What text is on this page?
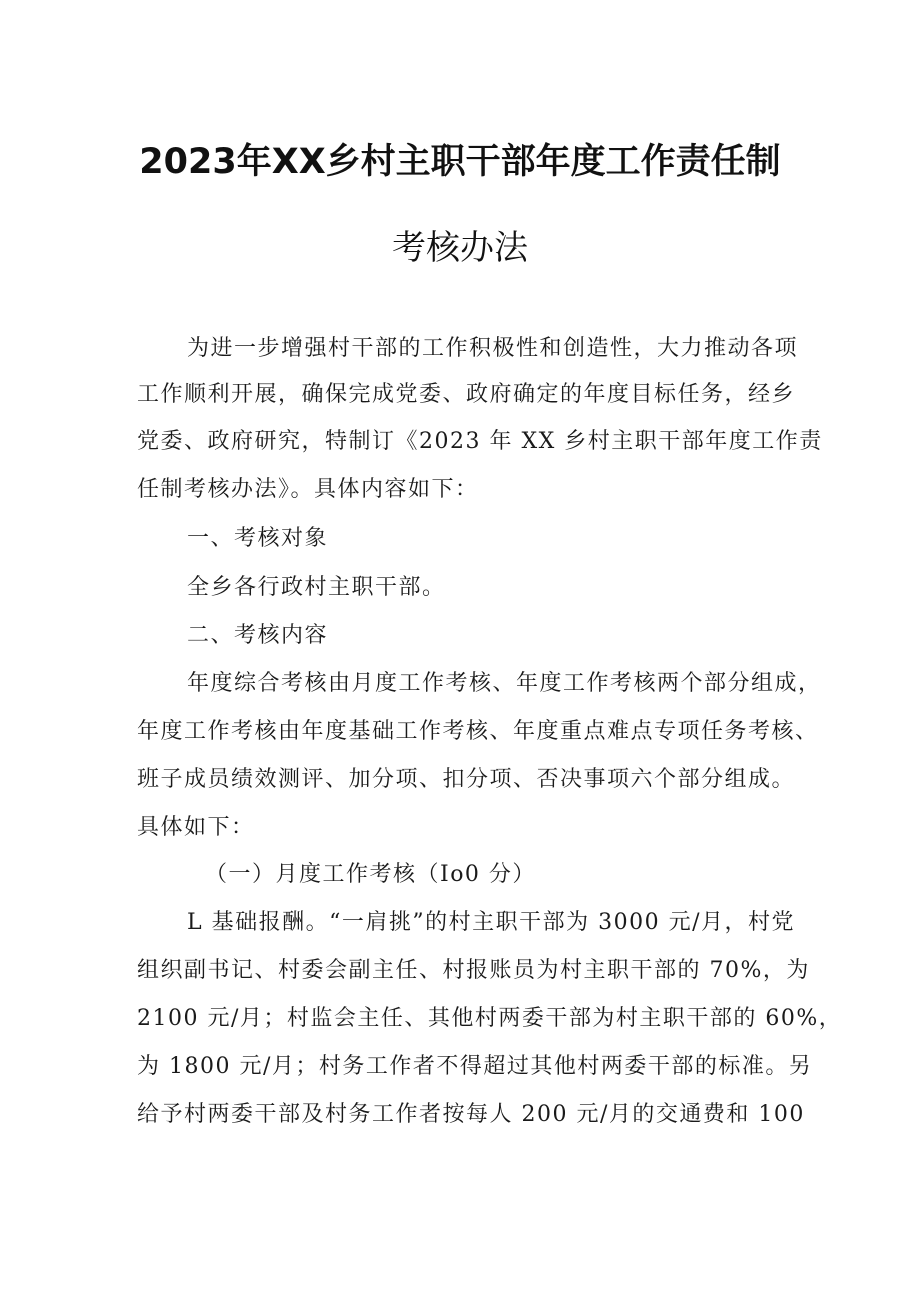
2023年XX乡村主职干部年度工作责任制
考核办法
为进一步增强村干部的工作积极性和创造性，大力推动各项
工作顺利开展，确保完成党委、政府确定的年度目标任务，经乡
党委、政府研究，特制订《2023 年 XX 乡村主职干部年度工作责
任制考核办法》。具体内容如下：
一、考核对象
全乡各行政村主职干部。
二、考核内容
年度综合考核由月度工作考核、年度工作考核两个部分组成，
年度工作考核由年度基础工作考核、年度重点难点专项任务考核、
班子成员绩效测评、加分项、扣分项、否决事项六个部分组成。
具体如下：
（一）月度工作考核（Io0 分）
L 基础报酬。“一肩挑”的村主职干部为 3000 元/月，村党
组织副书记、村委会副主任、村报账员为村主职干部的 70%，为
2100 元/月；村监会主任、其他村两委干部为村主职干部的 60%，
为 1800 元/月；村务工作者不得超过其他村两委干部的标准。另
给予村两委干部及村务工作者按每人 200 元/月的交通费和 100
